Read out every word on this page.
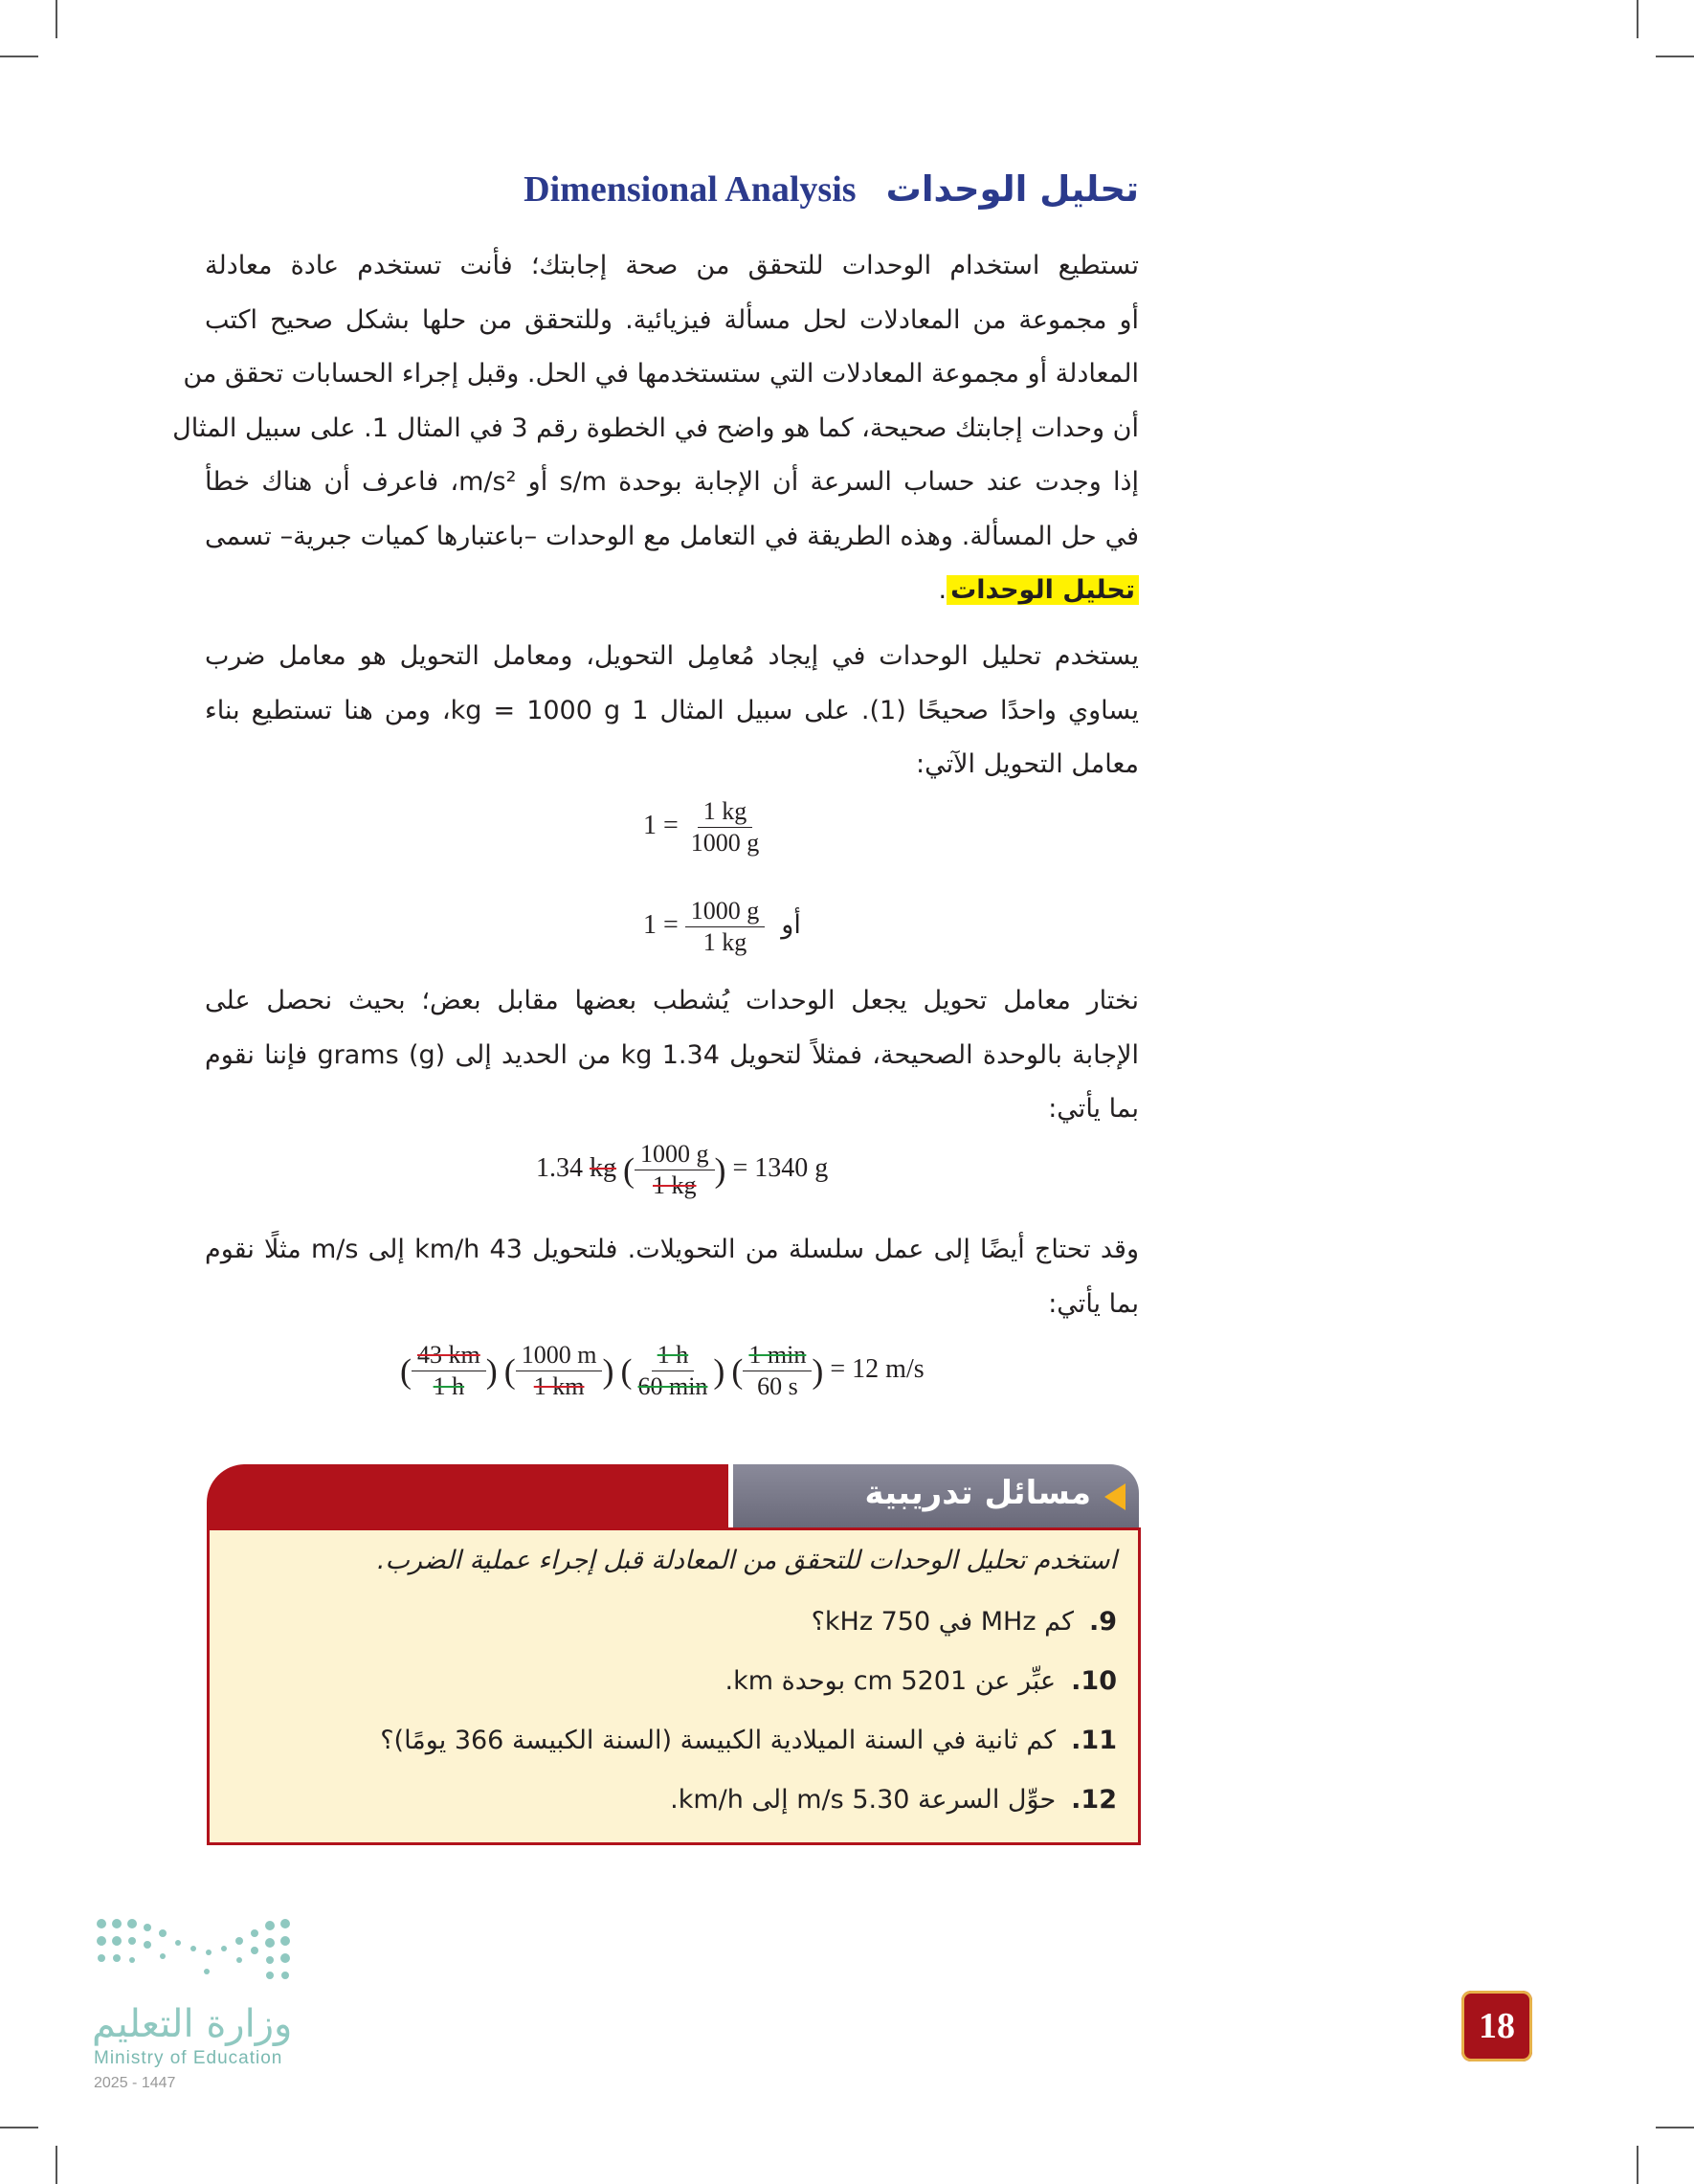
Dimensional Analysis تحليل الوحدات
تستطيع استخدام الوحدات للتحقق من صحة إجابتك؛ فأنت تستخدم عادة معادلة
أو مجموعة من المعادلات لحل مسألة فيزيائية. وللتحقق من حلها بشكل صحيح اكتب
المعادلة أو مجموعة المعادلات التي ستستخدمها في الحل. وقبل إجراء الحسابات تحقق من
أن وحدات إجابتك صحيحة، كما هو واضح في الخطوة رقم 3 في المثال 1. على سبيل المثال
إذا وجدت عند حساب السرعة أن الإجابة بوحدة s/m أو m/s²، فاعرف أن هناك خطأ
في حل المسألة. وهذه الطريقة في التعامل مع الوحدات –باعتبارها كميات جبرية– تسمى
تحليل الوحدات.
يستخدم تحليل الوحدات في إيجاد مُعامِل التحويل، ومعامل التحويل هو معامل ضرب
يساوي واحدًا صحيحًا (1). على سبيل المثال 1 kg = 1000 g، ومن هنا تستطيع بناء
معامل التحويل الآتي:
$1 = \frac{1 kg}{1000 g}$
$1 = \frac{1000 g}{1 kg}$ أو
نختار معامل تحويل يجعل الوحدات يُشطب بعضها مقابل بعض؛ بحيث نحصل على
الإجابة بالوحدة الصحيحة، فمثلاً لتحويل 1.34 kg من الحديد إلى grams (g) فإننا نقوم
بما يأتي:
1.34 kg ( $\frac{1000 g}{1 kg}$ ) = 1340 g
وقد تحتاج أيضًا إلى عمل سلسلة من التحويلات. فلتحويل 43 km/h إلى m/s مثلًا نقوم
بما يأتي:
( $\frac{43 km}{1 h}$ ) ( $\frac{1000 m}{1 km}$ ) ( $\frac{1 h}{60 \min}$ ) ( $\frac{1 \min}{60 s}$ ) = 12 m/s
مسائل تدريبية
استخدم تحليل الوحدات للتحقق من المعادلة قبل إجراء عملية الضرب.
9.كم MHz في 750 kHz؟
10.عبِّر عن 5201 cm بوحدة km.
11.كم ثانية في السنة الميلادية الكبيسة (السنة الكبيسة 366 يومًا)؟
12.حوِّل السرعة 5.30 m/s إلى km/h.
وزارة التعليم
Ministry of Education
2025 - 1447
18
